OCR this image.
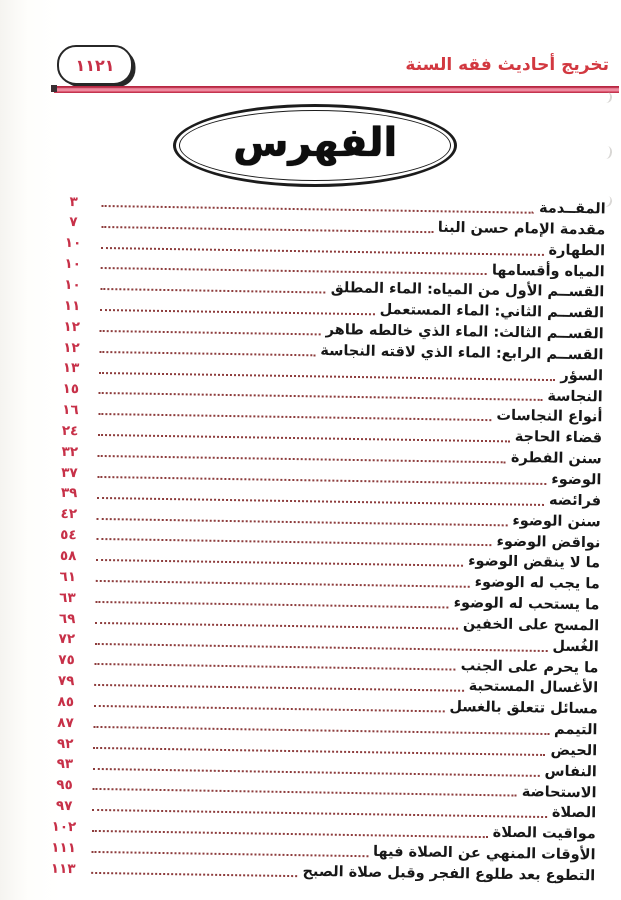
١١٢١	تخريج أحاديث فقه السنة
الفهرس
المقــدمة
٣
مقدمة الإمام حسن البنا
٧
الطهارة
١٠
المياه وأقسامها
١٠
القســم الأول من المياه: الماء المطلق
١٠
القســم الثاني: الماء المستعمل
١١
القســم الثالث: الماء الذي خالطه طاهر
١٢
القســم الرابع: الماء الذي لاقته النجاسة
١٢
السؤر
١٣
النجاسة
١٥
أنواع النجاسات
١٦
قضاء الحاجة
٢٤
سنن الفطرة
٣٢
الوضوء
٣٧
فرائضه
٣٩
سنن الوضوء
٤٢
نواقض الوضوء
٥٤
ما لا ينقض الوضوء
٥٨
ما يجب له الوضوء
٦١
ما يستحب له الوضوء
٦٣
المسح على الخفين
٦٩
الغُسل
٧٢
ما يحرم على الجنب
٧٥
الأغسال المستحبة
٧٩
مسائل تتعلق بالغسل
٨٥
التيمم
٨٧
الحيض
٩٢
النفاس
٩٣
الاستحاضة
٩٥
الصلاة
٩٧
مواقيت الصلاة
١٠٢
الأوقات المنهي عن الصلاة فيها
١١١
التطوع بعد طلوع الفجر وقبل صلاة الصبح
١١٣
